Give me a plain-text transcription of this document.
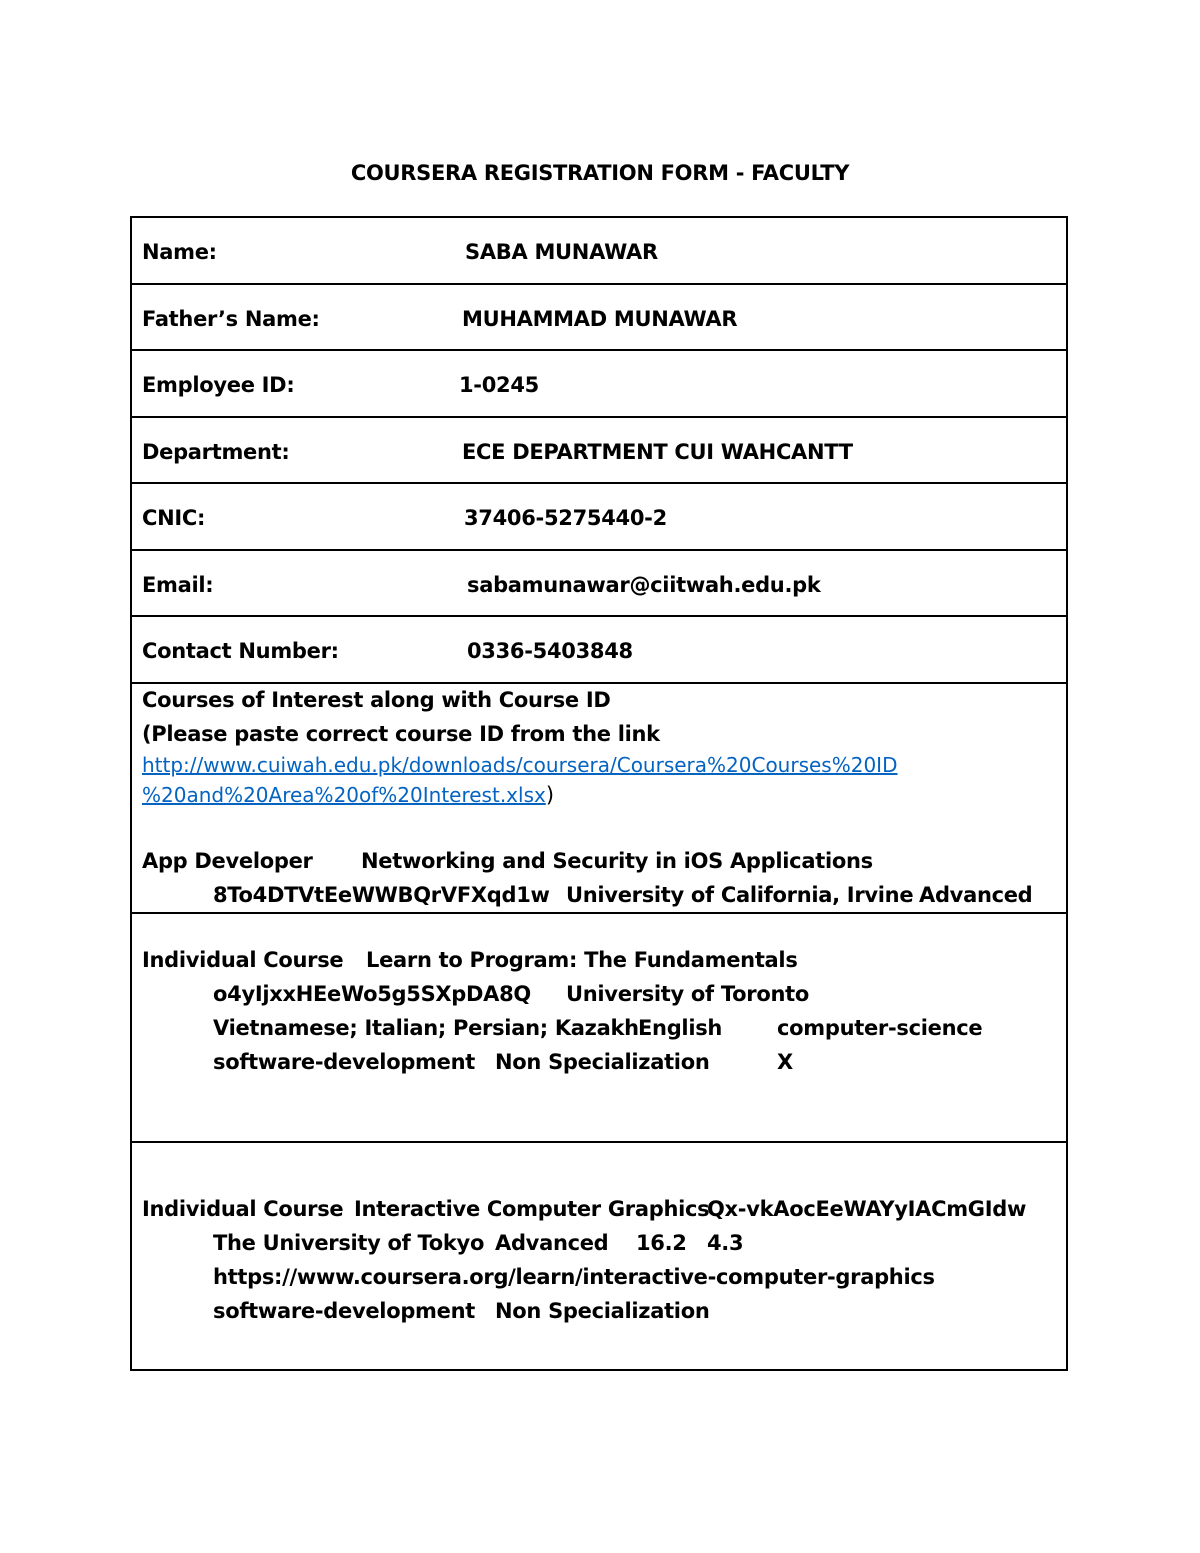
COURSERA REGISTRATION FORM - FACULTY
Name:	SABA MUNAWAR
Father’s Name:	MUHAMMAD MUNAWAR
Employee ID:	1-0245
Department:	ECE DEPARTMENT CUI WAHCANTT
CNIC:	37406-5275440-2
Email:	sabamunawar@ciitwah.edu.pk
Contact Number:	0336-5403848
Courses of Interest along with Course ID
(Please paste correct course ID from the link
http://www.cuiwah.edu.pk/downloads/coursera/Coursera%20Courses%20ID
%20and%20Area%20of%20Interest.xlsx)
App Developer Networking and Security in iOS Applications
8To4DTVtEeWWBQrVFXqd1w University of California, Irvine Advanced
Individual Course Learn to Program: The Fundamentals
o4yIjxxHEeWo5g5SXpDA8Q University of Toronto
Vietnamese; Italian; Persian; Kazakh English	computer-science
software-development Non Specialization	X
Individual Course Interactive Computer Graphics
Qx-vkAocEeWAYyIACmGIdw
The University of Tokyo Advanced 16.2 4.3
https://www.coursera.org/learn/interactive-computer-graphics
software-development Non Specialization
